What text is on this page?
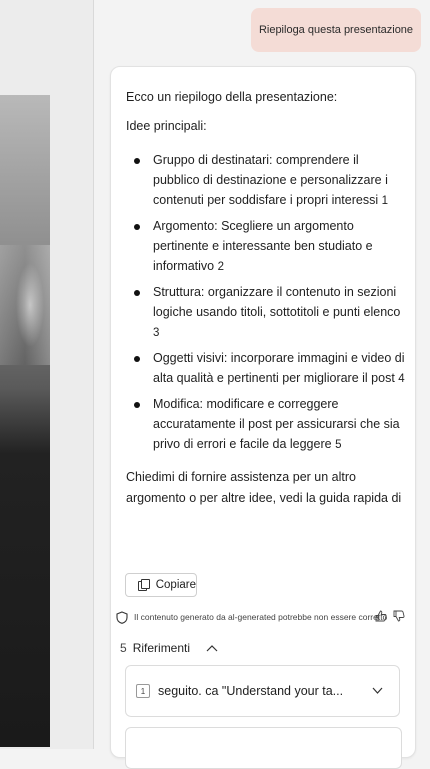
Riepiloga questa presentazione
Ecco un riepilogo della presentazione:
Idee principali:
Gruppo di destinatari: comprendere il pubblico di destinazione e personalizzare i contenuti per soddisfare i propri interessi 1
Argomento: Scegliere un argomento pertinente e interessante ben studiato e informativo 2
Struttura: organizzare il contenuto in sezioni logiche usando titoli, sottotitoli e punti elenco 3
Oggetti visivi: incorporare immagini e video di alta qualità e pertinenti per migliorare il post 4
Modifica: modificare e correggere accuratamente il post per assicurarsi che sia privo di errori e facile da leggere 5
Chiedimi di fornire assistenza per un altro argomento o per altre idee, vedi la guida rapida di
Copiare
Il contenuto generato da al-generated potrebbe non essere corretto
5 Riferimenti
1	seguito. ca "Understand your ta...
